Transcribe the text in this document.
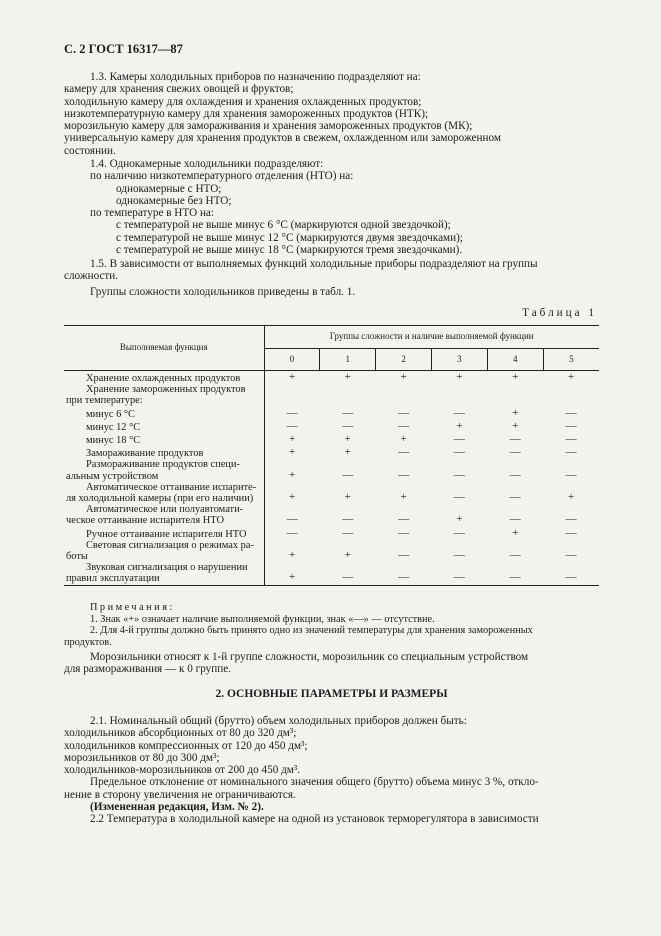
С. 2 ГОСТ 16317—87

1.3. Камеры холодильных приборов по назначению подразделяют на:

камеру для хранения свежих овощей и фруктов;

холодильную камеру для охлаждения и хранения охлажденных продуктов;

низкотемпературную камеру для хранения замороженных продуктов (НТК);

морозильную камеру для замораживания и хранения замороженных продуктов (МК);

универсальную камеру для хранения продуктов в свежем, охлажденном или замороженном

состоянии.

1.4. Однокамерные холодильники подразделяют:

по наличию низкотемпературного отделения (НТО) на:

однокамерные с НТО;

однокамерные без НТО;

по температуре в НТО на:

с температурой не выше минус 6 °С (маркируются одной звездочкой);

с температурой не выше минус 12 °С (маркируются двумя звездочками);

с температурой не выше минус 18 °С (маркируются тремя звездочками).

1.5. В зависимости от выполняемых функций холодильные приборы подразделяют на группы

сложности.

Группы сложности холодильников приведены в табл. 1.

Таблица 1
Выполняемая функция	Группы сложности и наличие выполняемой функции					
	0	1	2	3	4	5

Хранение охлажденных продуктов	+	+	+	+	+	+

Хранение замороженных продуктов
при температуре:						

минус 6 °С	—	—	—	—	+	—

минус 12 °С	—	—	—	+	+	—

минус 18 °С	+	+	+	—	—	—

Замораживание продуктов	+	+	—	—	—	—

Размораживание продуктов специ-
альным устройством	+	—	—	—	—	—

Автоматическое оттаивание испарите-
ля холодильной камеры (при его наличии)	+	+	+	—	—	+

Автоматическое или полуавтомати-
ческое оттаивание испарителя НТО	—	—	—	+	—	—

Ручное оттаивание испарителя НТО	—	—	—	—	+	—

Световая сигнализация о режимах ра-
боты	+	+	—	—	—	—

Звуковая сигнализация о нарушении
правил эксплуатации	+	—	—	—	—	—

Примечания:

1. Знак «+» означает наличие выполняемой функции, знак «—» — отсутствие.

2. Для 4-й группы должно быть принято одно из значений температуры для хранения замороженных

продуктов.

Морозильники относят к 1-й группе сложности, морозильник со специальным устройством

для размораживания — к 0 группе.

2. ОСНОВНЫЕ ПАРАМЕТРЫ И РАЗМЕРЫ

2.1. Номинальный общий (брутто) объем холодильных приборов должен быть:

холодильников абсорбционных от 80 до 320 дм³;

холодильников компрессионных от 120 до 450 дм³;

морозильников от 80 до 300 дм³;

холодильников-морозильников от 200 до 450 дм³.

Предельное отклонение от номинального значения общего (брутто) объема минус 3 %, откло-

нение в сторону увеличения не ограничиваются.

(Измененная редакция, Изм. № 2).

2.2 Температура в холодильной камере на одной из установок терморегулятора в зависимости
